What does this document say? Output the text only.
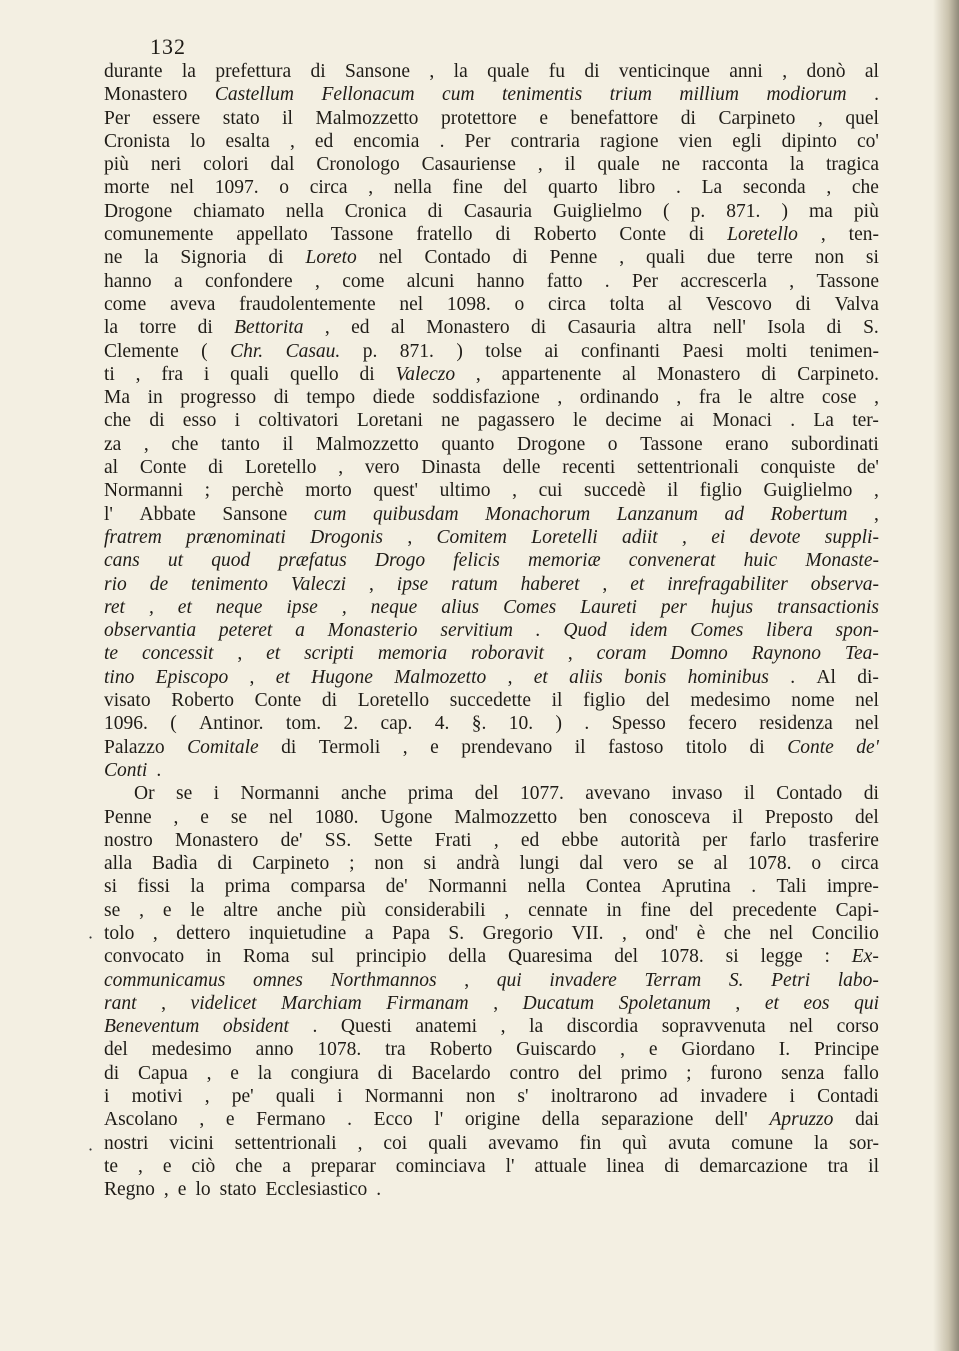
132
durante la prefettura di Sansone , la quale fu di venticinque anni , donò al
Monastero Castellum Fellonacum cum tenimentis trium millium modiorum .
Per essere stato il Malmozzetto protettore e benefattore di Carpineto , quel
Cronista lo esalta , ed encomia . Per contraria ragione vien egli dipinto co'
più neri colori dal Cronologo Casauriense , il quale ne racconta la tragica
morte nel 1097. o circa , nella fine del quarto libro . La seconda , che
Drogone chiamato nella Cronica di Casauria Guiglielmo ( p. 871. ) ma più
comunemente appellato Tassone fratello di Roberto Conte di Loretello , ten-
ne la Signoria di Loreto nel Contado di Penne , quali due terre non si
hanno a confondere , come alcuni hanno fatto . Per accrescerla , Tassone
come aveva fraudolentemente nel 1098. o circa tolta al Vescovo di Valva
la torre di Bettorita , ed al Monastero di Casauria altra nell' Isola di S.
Clemente ( Chr. Casau. p. 871. ) tolse ai confinanti Paesi molti tenimen-
ti , fra i quali quello di Valeczo , appartenente al Monastero di Carpineto.
Ma in progresso di tempo diede soddisfazione , ordinando , fra le altre cose ,
che di esso i coltivatori Loretani ne pagassero le decime ai Monaci . La ter-
za , che tanto il Malmozzetto quanto Drogone o Tassone erano subordinati
al Conte di Loretello , vero Dinasta delle recenti settentrionali conquiste de'
Normanni ; perchè morto quest' ultimo , cui succedè il figlio Guiglielmo ,
l' Abbate Sansone cum quibusdam Monachorum Lanzanum ad Robertum ,
fratrem prænominati Drogonis , Comitem Loretelli adiit , ei devote suppli-
cans ut quod præfatus Drogo felicis memoriæ convenerat huic Monaste-
rio de tenimento Valeczi , ipse ratum haberet , et inrefragabiliter observa-
ret , et neque ipse , neque alius Comes Laureti per hujus transactionis
observantia peteret a Monasterio servitium . Quod idem Comes libera spon-
te concessit , et scripti memoria roboravit , coram Domno Raynono Tea-
tino Episcopo , et Hugone Malmozetto , et aliis bonis hominibus . Al di-
visato Roberto Conte di Loretello succedette il figlio del medesimo nome nel
1096. ( Antinor. tom. 2. cap. 4. §. 10. ) . Spesso fecero residenza nel
Palazzo Comitale di Termoli , e prendevano il fastoso titolo di Conte de'
Conti .
Or se i Normanni anche prima del 1077. avevano invaso il Contado di
Penne , e se nel 1080. Ugone Malmozzetto ben conosceva il Preposto del
nostro Monastero de' SS. Sette Frati , ed ebbe autorità per farlo trasferire
alla Badìa di Carpineto ; non si andrà lungi dal vero se al 1078. o circa
si fissi la prima comparsa de' Normanni nella Contea Aprutina . Tali impre-
se , e le altre anche più considerabili , cennate in fine del precedente Capi-
tolo , dettero inquietudine a Papa S. Gregorio VII. , ond' è che nel Concilio
convocato in Roma sul principio della Quaresima del 1078. si legge : Ex-
communicamus omnes Northmannos , qui invadere Terram S. Petri labo-
rant , videlicet Marchiam Firmanam , Ducatum Spoletanum , et eos qui
Beneventum obsident . Questi anatemi , la discordia sopravvenuta nel corso
del medesimo anno 1078. tra Roberto Guiscardo , e Giordano I. Principe
di Capua , e la congiura di Bacelardo contro del primo ; furono senza fallo
i motivi , pe' quali i Normanni non s' inoltrarono ad invadere i Contadi
Ascolano , e Fermano . Ecco l' origine della separazione dell' Apruzzo dai
nostri vicini settentrionali , coi quali avevamo fin quì avuta comune la sor-
te , e ciò che a preparar cominciava l' attuale linea di demarcazione tra il
Regno , e lo stato Ecclesiastico .
·
·
